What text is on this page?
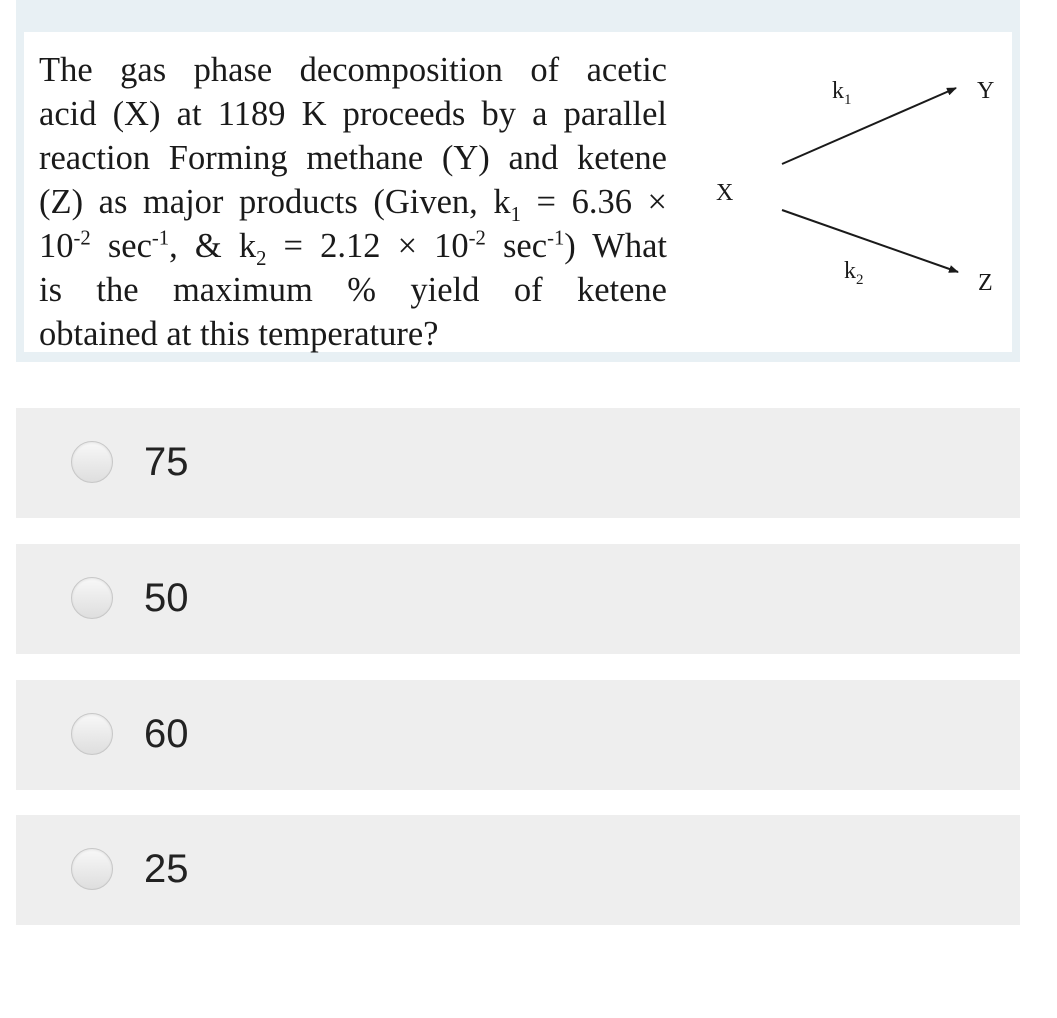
The gas phase decomposition of acetic
acid (X) at 1189 K proceeds by a parallel
reaction Forming methane (Y) and ketene
(Z) as major products (Given, $k_1 = 6.36$ ×
$10^{-2}$ $\sec^{-1}$, & $k_2 = 2.12 \times 10^{-2}$ $\sec^{-1}$) What
is the maximum % yield of ketene
obtained at this temperature?

X
$k_1$
$k_2$
Y
Z
75
50
60
25
